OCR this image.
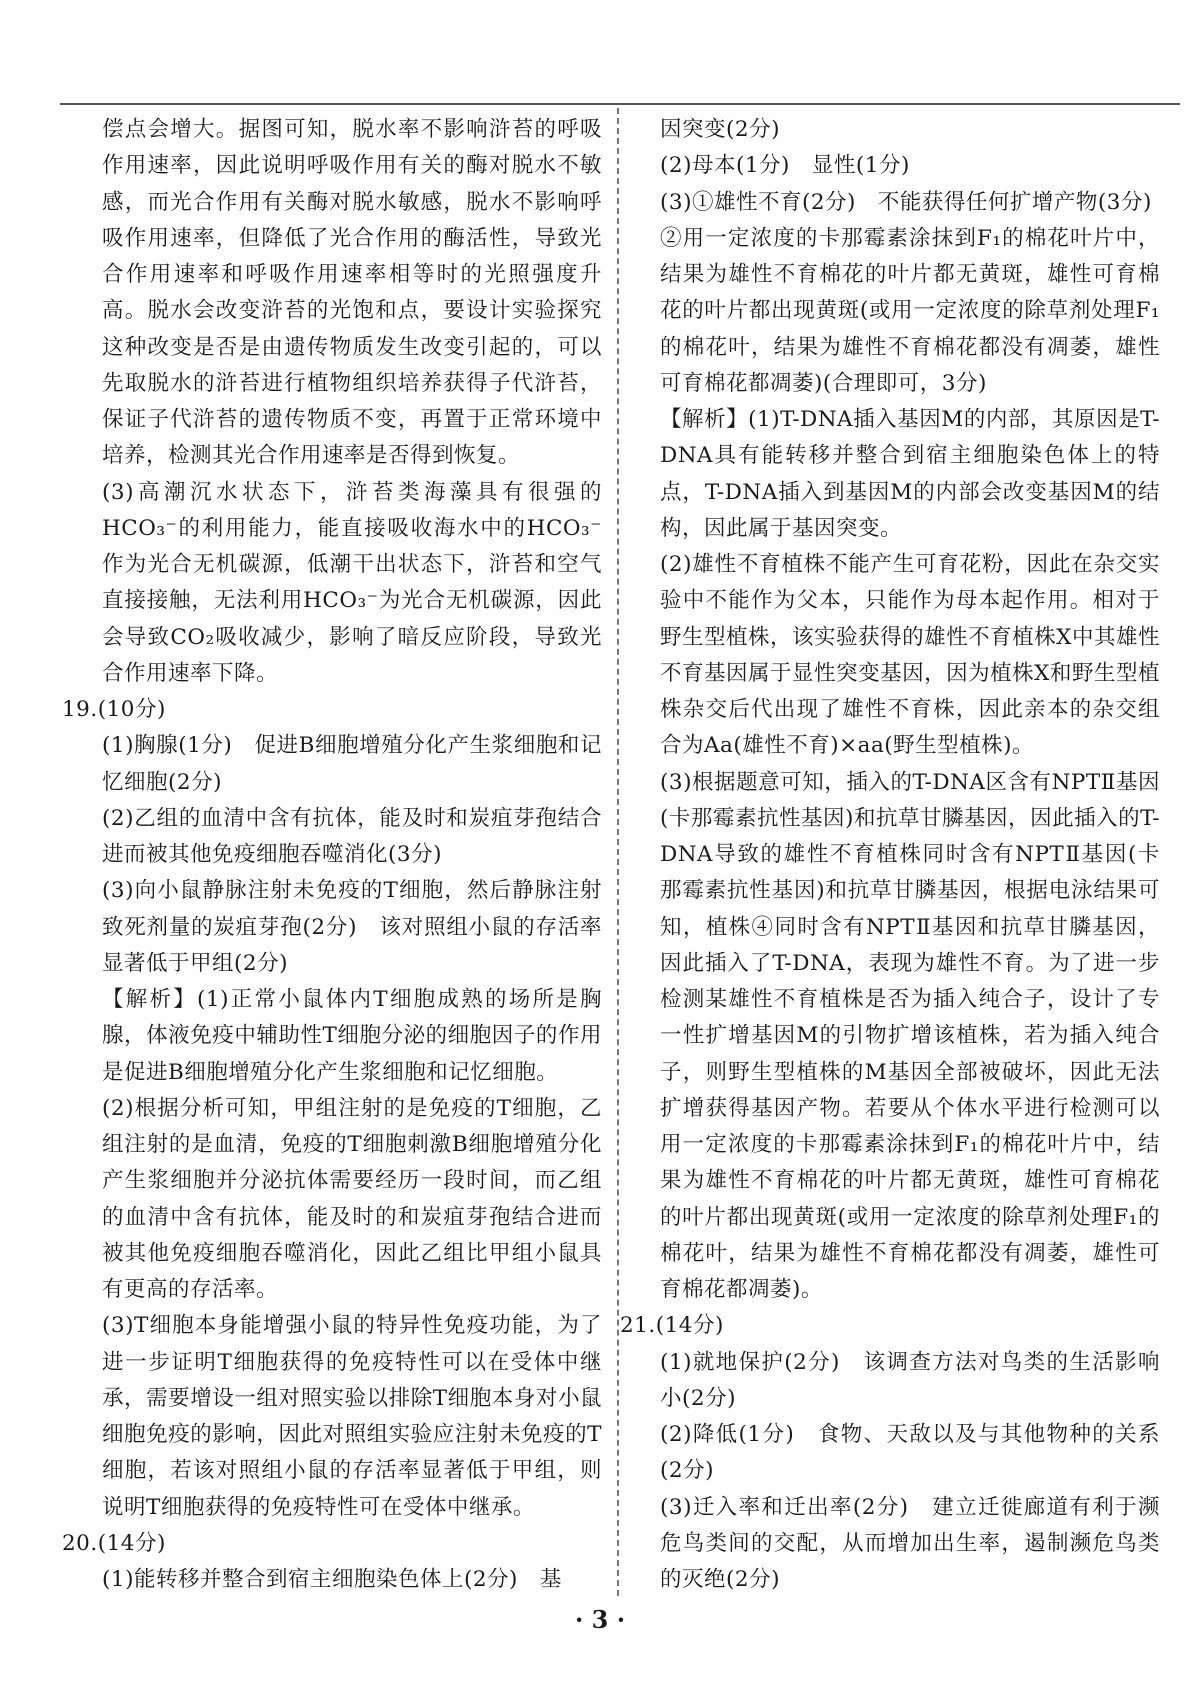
偿点会增大。据图可知，脱水率不影响浒苔的呼吸作用速率，因此说明呼吸作用有关的酶对脱水不敏感，而光合作用有关酶对脱水敏感，脱水不影响呼吸作用速率，但降低了光合作用的酶活性，导致光合作用速率和呼吸作用速率相等时的光照强度升高。脱水会改变浒苔的光饱和点，要设计实验探究这种改变是否是由遗传物质发生改变引起的，可以先取脱水的浒苔进行植物组织培养获得子代浒苔，保证子代浒苔的遗传物质不变，再置于正常环境中培养，检测其光合作用速率是否得到恢复。

(3)高潮沉水状态下，浒苔类海藻具有很强的HCO₃⁻的利用能力，能直接吸收海水中的HCO₃⁻作为光合无机碳源，低潮干出状态下，浒苔和空气直接接触，无法利用HCO₃⁻为光合无机碳源，因此会导致CO₂吸收减少，影响了暗反应阶段，导致光合作用速率下降。

19.(10分)

(1)胸腺(1分)　促进B细胞增殖分化产生浆细胞和记忆细胞(2分)

(2)乙组的血清中含有抗体，能及时和炭疽芽孢结合进而被其他免疫细胞吞噬消化(3分)

(3)向小鼠静脉注射未免疫的T细胞，然后静脉注射致死剂量的炭疽芽孢(2分)　该对照组小鼠的存活率显著低于甲组(2分)

【解析】(1)正常小鼠体内T细胞成熟的场所是胸腺，体液免疫中辅助性T细胞分泌的细胞因子的作用是促进B细胞增殖分化产生浆细胞和记忆细胞。

(2)根据分析可知，甲组注射的是免疫的T细胞，乙组注射的是血清，免疫的T细胞刺激B细胞增殖分化产生浆细胞并分泌抗体需要经历一段时间，而乙组的血清中含有抗体，能及时的和炭疽芽孢结合进而被其他免疫细胞吞噬消化，因此乙组比甲组小鼠具有更高的存活率。

(3)T细胞本身能增强小鼠的特异性免疫功能，为了进一步证明T细胞获得的免疫特性可以在受体中继承，需要增设一组对照实验以排除T细胞本身对小鼠细胞免疫的影响，因此对照组实验应注射未免疫的T细胞，若该对照组小鼠的存活率显著低于甲组，则说明T细胞获得的免疫特性可在受体中继承。

20.(14分)

(1)能转移并整合到宿主细胞染色体上(2分)　基

因突变(2分)

(2)母本(1分)　显性(1分)

(3)①雄性不育(2分)　不能获得任何扩增产物(3分)

②用一定浓度的卡那霉素涂抹到F₁的棉花叶片中，结果为雄性不育棉花的叶片都无黄斑，雄性可育棉花的叶片都出现黄斑(或用一定浓度的除草剂处理F₁的棉花叶，结果为雄性不育棉花都没有凋萎，雄性可育棉花都凋萎)(合理即可，3分)

【解析】(1)T-DNA插入基因M的内部，其原因是T-DNA具有能转移并整合到宿主细胞染色体上的特点，T-DNA插入到基因M的内部会改变基因M的结构，因此属于基因突变。

(2)雄性不育植株不能产生可育花粉，因此在杂交实验中不能作为父本，只能作为母本起作用。相对于野生型植株，该实验获得的雄性不育植株X中其雄性不育基因属于显性突变基因，因为植株X和野生型植株杂交后代出现了雄性不育株，因此亲本的杂交组合为Aa(雄性不育)×aa(野生型植株)。

(3)根据题意可知，插入的T-DNA区含有NPTⅡ基因(卡那霉素抗性基因)和抗草甘膦基因，因此插入的T-DNA导致的雄性不育植株同时含有NPTⅡ基因(卡那霉素抗性基因)和抗草甘膦基因，根据电泳结果可知，植株④同时含有NPTⅡ基因和抗草甘膦基因，因此插入了T-DNA，表现为雄性不育。为了进一步检测某雄性不育植株是否为插入纯合子，设计了专一性扩增基因M的引物扩增该植株，若为插入纯合子，则野生型植株的M基因全部被破坏，因此无法扩增获得基因产物。若要从个体水平进行检测可以用一定浓度的卡那霉素涂抹到F₁的棉花叶片中，结果为雄性不育棉花的叶片都无黄斑，雄性可育棉花的叶片都出现黄斑(或用一定浓度的除草剂处理F₁的棉花叶，结果为雄性不育棉花都没有凋萎，雄性可育棉花都凋萎)。

21.(14分)

(1)就地保护(2分)　该调查方法对鸟类的生活影响小(2分)

(2)降低(1分)　食物、天敌以及与其他物种的关系(2分)

(3)迁入率和迁出率(2分)　建立迁徙廊道有利于濒危鸟类间的交配，从而增加出生率，遏制濒危鸟类的灭绝(2分)

· 3 ·
